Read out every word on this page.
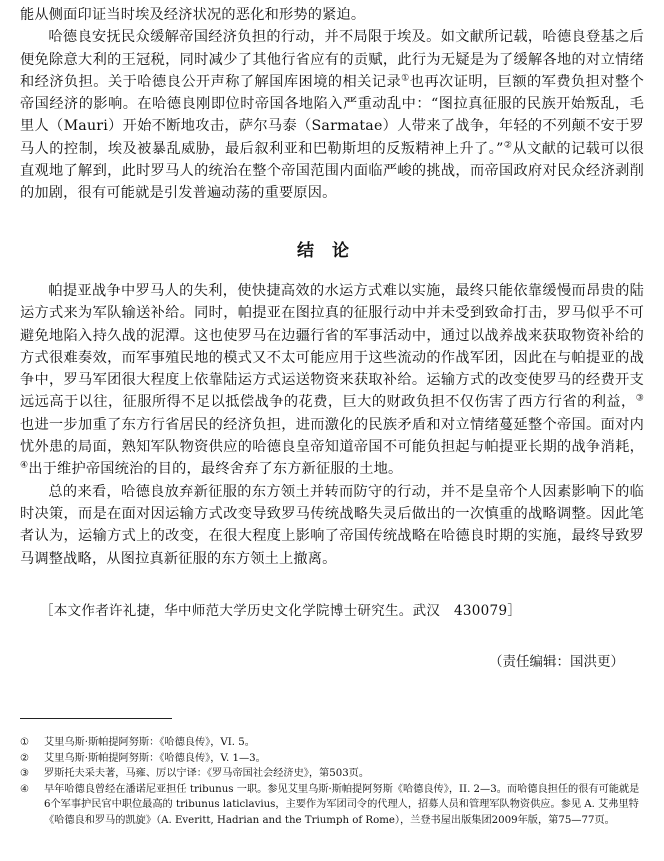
能从侧面印证当时埃及经济状况的恶化和形势的紧迫。

哈德良安抚民众缓解帝国经济负担的行动，并不局限于埃及。如文献所记载，哈德良登基之后便免除意大利的王冠税，同时减少了其他行省应有的贡赋，此行为无疑是为了缓解各地的对立情绪和经济负担。关于哈德良公开声称了解国库困境的相关记录①也再次证明，巨额的军费负担对整个帝国经济的影响。在哈德良刚即位时帝国各地陷入严重动乱中：“图拉真征服的民族开始叛乱，毛里人（Mauri）开始不断地攻击，萨尔马泰（Sarmatae）人带来了战争，年轻的不列颠不安于罗马人的控制，埃及被暴乱威胁，最后叙利亚和巴勒斯坦的反叛精神上升了。”②从文献的记载可以很直观地了解到，此时罗马人的统治在整个帝国范围内面临严峻的挑战，而帝国政府对民众经济剥削的加剧，很有可能就是引发普遍动荡的重要原因。

结论

帕提亚战争中罗马人的失利，使快捷高效的水运方式难以实施，最终只能依靠缓慢而昂贵的陆运方式来为军队输送补给。同时，帕提亚在图拉真的征服行动中并未受到致命打击，罗马似乎不可避免地陷入持久战的泥潭。这也使罗马在边疆行省的军事活动中，通过以战养战来获取物资补给的方式很难奏效，而军事殖民地的模式又不太可能应用于这些流动的作战军团，因此在与帕提亚的战争中，罗马军团很大程度上依靠陆运方式运送物资来获取补给。运输方式的改变使罗马的经费开支远远高于以往，征服所得不足以抵偿战争的花费，巨大的财政负担不仅伤害了西方行省的利益，③也进一步加重了东方行省居民的经济负担，进而激化的民族矛盾和对立情绪蔓延整个帝国。面对内忧外患的局面，熟知军队物资供应的哈德良皇帝知道帝国不可能负担起与帕提亚长期的战争消耗，④出于维护帝国统治的目的，最终舍弃了东方新征服的土地。

总的来看，哈德良放弃新征服的东方领土并转而防守的行动，并不是皇帝个人因素影响下的临时决策，而是在面对因运输方式改变导致罗马传统战略失灵后做出的一次慎重的战略调整。因此笔者认为，运输方式上的改变，在很大程度上影响了帝国传统战略在哈德良时期的实施，最终导致罗马调整战略，从图拉真新征服的东方领土上撤离。

［本文作者许礼捷，华中师范大学历史文化学院博士研究生。武汉　430079］
（责任编辑：国洪更）
①	艾里乌斯·斯帕提阿努斯：《哈德良传》，VI. 5。
②	艾里乌斯·斯帕提阿努斯：《哈德良传》，V. 1—3。
③	罗斯托夫采夫著，马雍、厉以宁译：《罗马帝国社会经济史》，第503页。
④	早年哈德良曾经在潘诺尼亚担任 tribunus 一职。参见艾里乌斯·斯帕提阿努斯《哈德良传》，II. 2—3。而哈德良担任的很有可能就是6个军事护民官中职位最高的 tribunus laticlavius，主要作为军团司令的代理人，招募人员和管理军队物资供应。参见 A. 艾弗里特《哈德良和罗马的凯旋》（A. Everitt, Hadrian and the Triumph of Rome），兰登书屋出版集团2009年版，第75—77页。
